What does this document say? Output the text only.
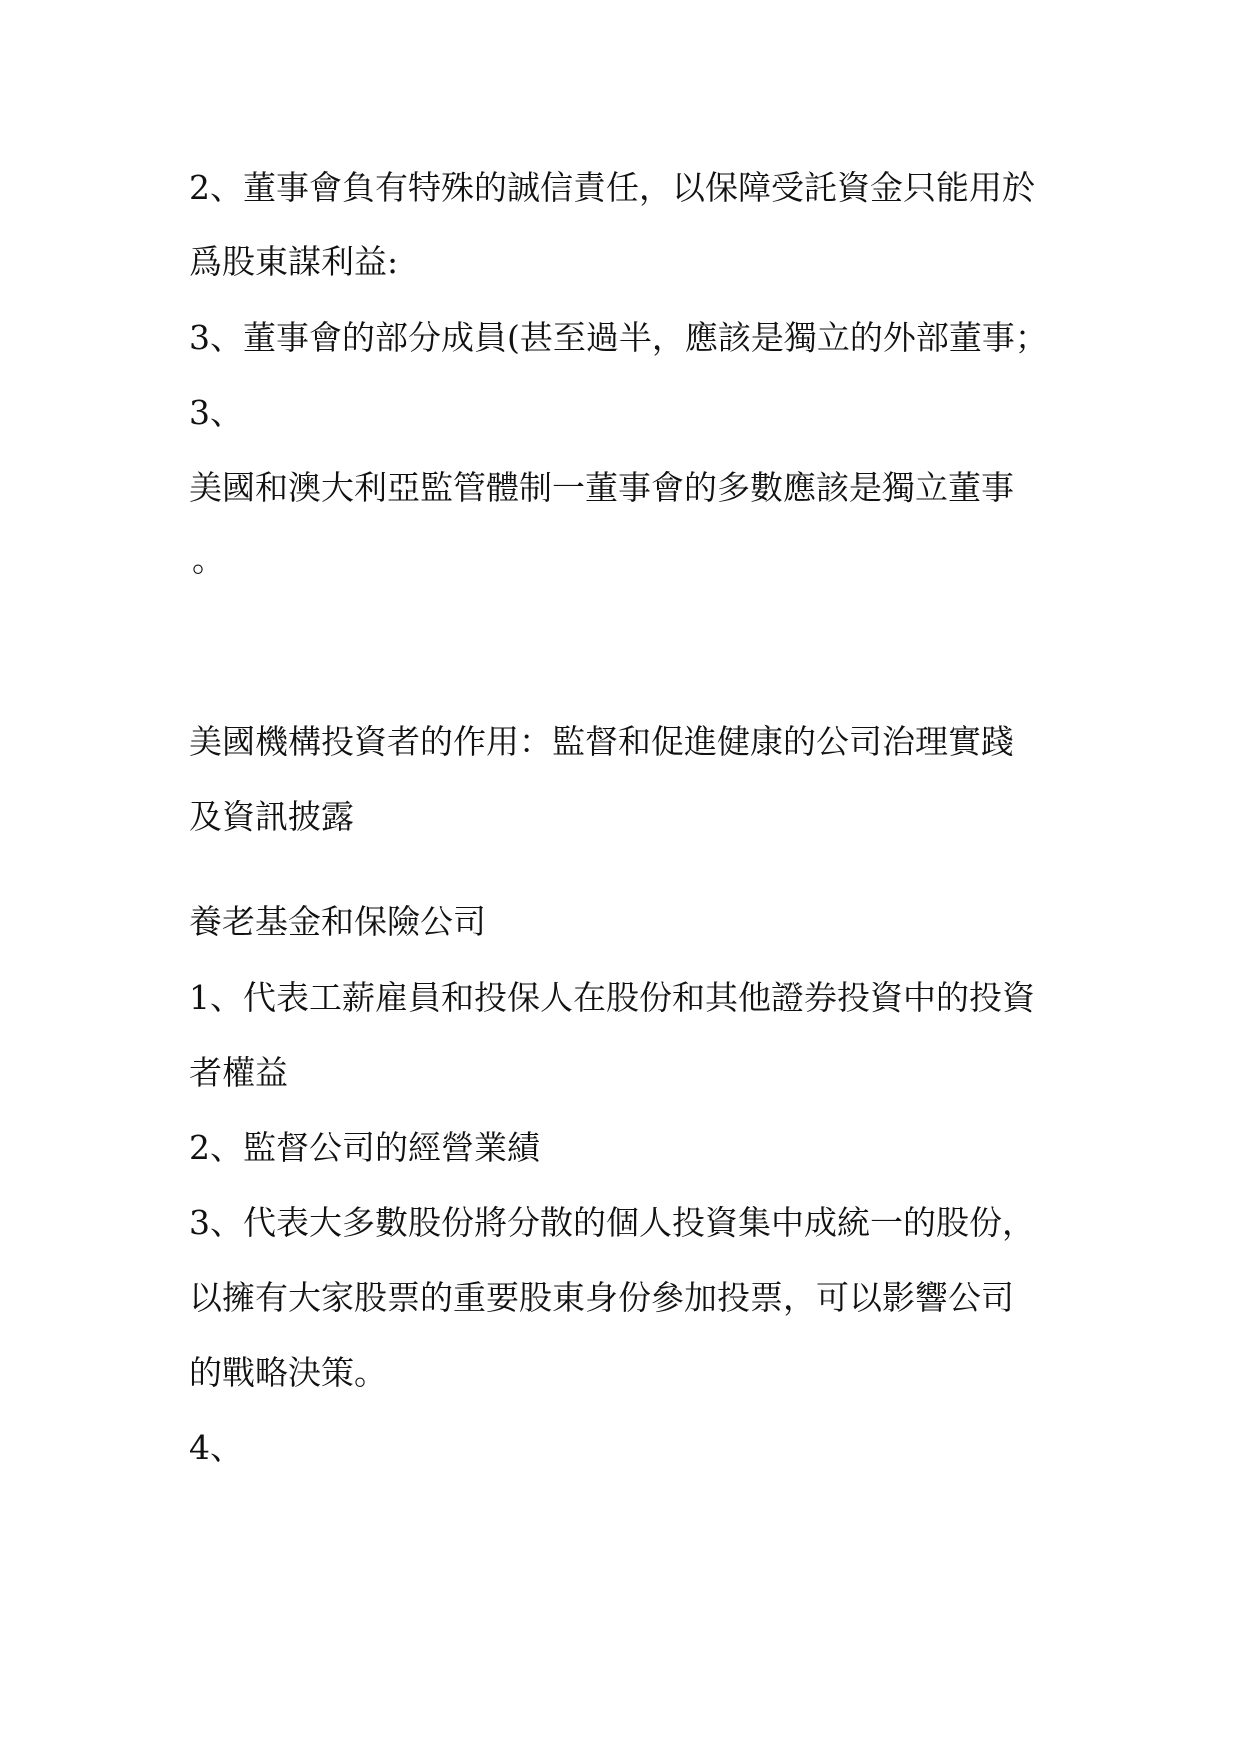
2、董事會負有特殊的誠信責任，以保障受託資金只能用於
爲股東謀利益:
3、董事會的部分成員(甚至過半，應該是獨立的外部董事；
3、
美國和澳大利亞監管體制一董事會的多數應該是獨立董事
。
美國機構投資者的作用：監督和促進健康的公司治理實踐
及資訊披露
養老基金和保險公司
1、代表工薪雇員和投保人在股份和其他證券投資中的投資
者權益
2、監督公司的經營業績
3、代表大多數股份將分散的個人投資集中成統一的股份，
以擁有大家股票的重要股東身份參加投票，可以影響公司
的戰略決策。
4、
